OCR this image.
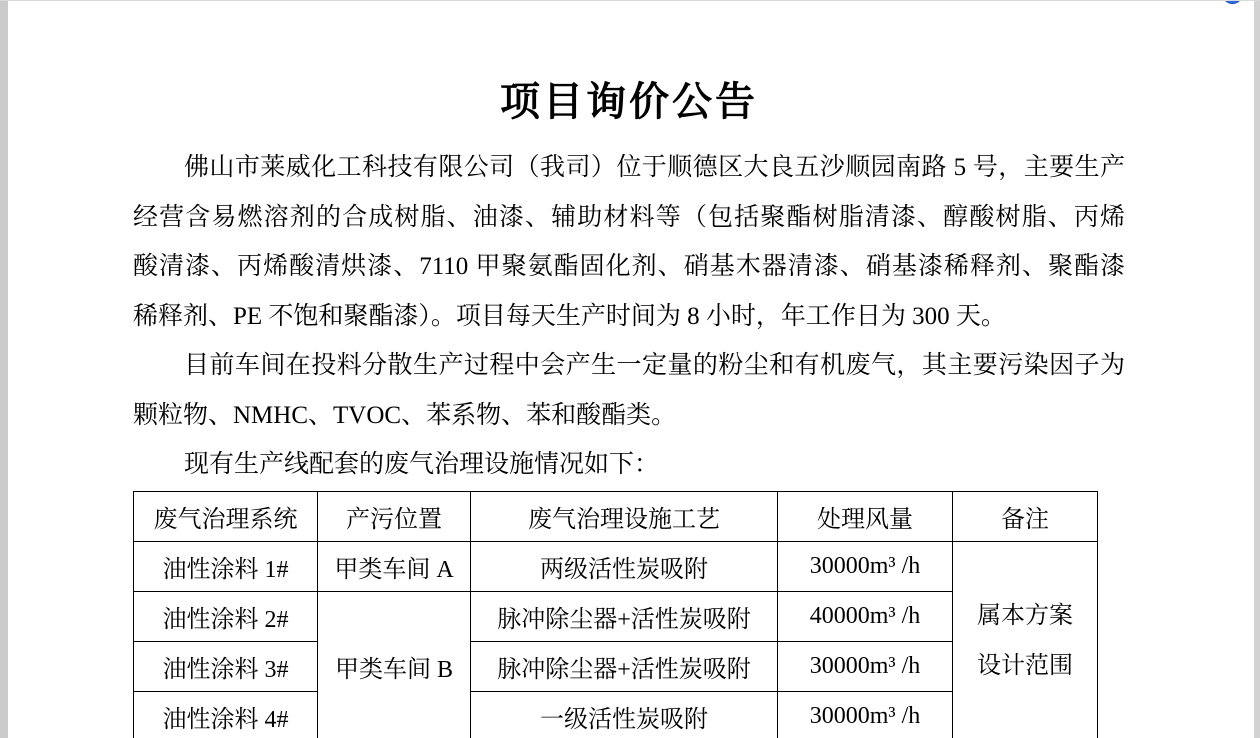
项目询价公告

佛山市莱威化工科技有限公司（我司）位于顺德区大良五沙顺园南路 5 号，主要生产

经营含易燃溶剂的合成树脂、油漆、辅助材料等（包括聚酯树脂清漆、醇酸树脂、丙烯

酸清漆、丙烯酸清烘漆、7110 甲聚氨酯固化剂、硝基木器清漆、硝基漆稀释剂、聚酯漆

稀释剂、PE 不饱和聚酯漆）。项目每天生产时间为 8 小时，年工作日为 300 天。

目前车间在投料分散生产过程中会产生一定量的粉尘和有机废气，其主要污染因子为

颗粒物、NMHC、TVOC、苯系物、苯和酸酯类。

现有生产线配套的废气治理设施情况如下：

废气治理系统	产污位置	废气治理设施工艺	处理风量	备注
油性涂料 1#	甲类车间 A	两级活性炭吸附	30000m³ /h	属本方案
设计范围

油性涂料 2#	甲类车间 B	脉冲除尘器+活性炭吸附	40000m³ /h	
油性涂料 3#		脉冲除尘器+活性炭吸附	30000m³ /h	
油性涂料 4#		一级活性炭吸附	30000m³ /h	
